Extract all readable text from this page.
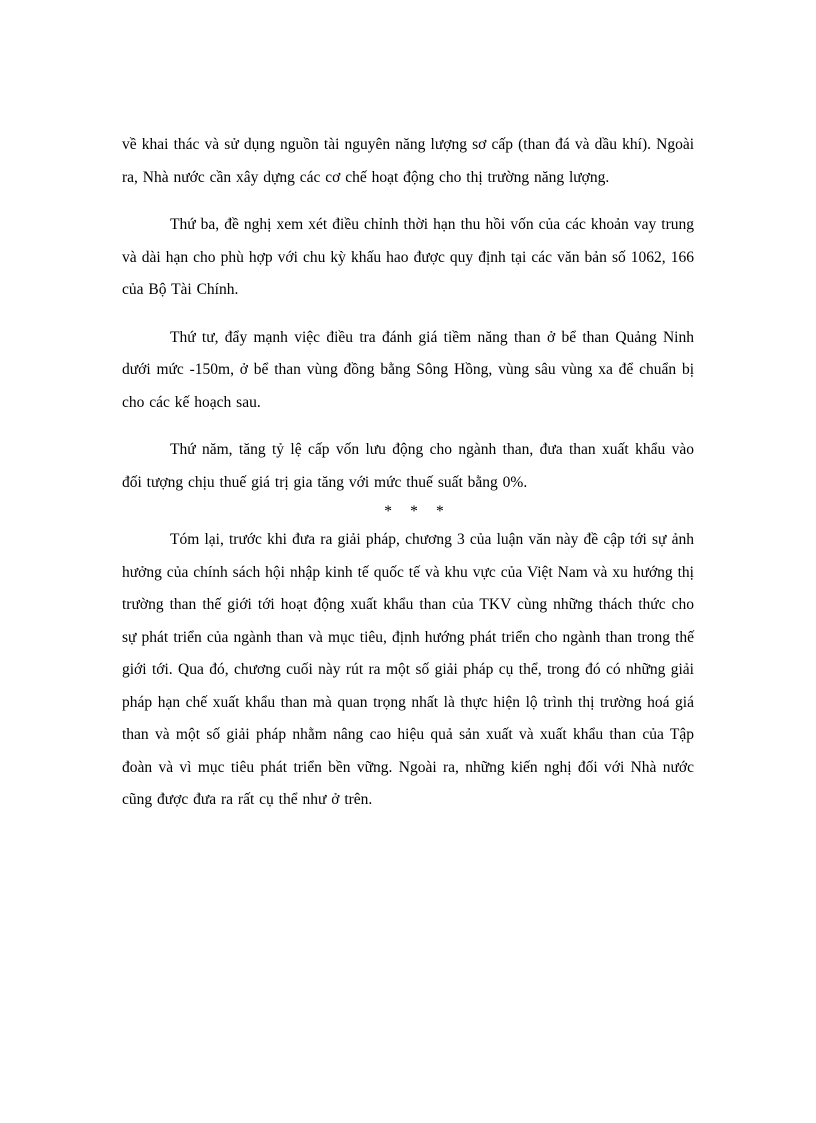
về khai thác và sử dụng nguồn tài nguyên năng lượng sơ cấp (than đá và dầu khí). Ngoài ra, Nhà nước cần xây dựng các cơ chế hoạt động cho thị trường năng lượng.

Thứ ba, đề nghị xem xét điều chỉnh thời hạn thu hồi vốn của các khoản vay trung và dài hạn cho phù hợp với chu kỳ khấu hao được quy định tại các văn bản số 1062, 166 của Bộ Tài Chính.

Thứ tư, đẩy mạnh việc điều tra đánh giá tiềm năng than ở bể than Quảng Ninh dưới mức -150m, ở bể than vùng đồng bằng Sông Hồng, vùng sâu vùng xa để chuẩn bị cho các kế hoạch sau.

Thứ năm, tăng tỷ lệ cấp vốn lưu động cho ngành than, đưa than xuất khẩu vào đối tượng chịu thuế giá trị gia tăng với mức thuế suất bằng 0%.

* * *

Tóm lại, trước khi đưa ra giải pháp, chương 3 của luận văn này đề cập tới sự ảnh hưởng của chính sách hội nhập kinh tế quốc tế và khu vực của Việt Nam và xu hướng thị trường than thế giới tới hoạt động xuất khẩu than của TKV cùng những thách thức cho sự phát triển của ngành than và mục tiêu, định hướng phát triển cho ngành than trong thế giới tới. Qua đó, chương cuối này rút ra một số giải pháp cụ thể, trong đó có những giải pháp hạn chế xuất khẩu than mà quan trọng nhất là thực hiện lộ trình thị trường hoá giá than và một số giải pháp nhằm nâng cao hiệu quả sản xuất và xuất khẩu than của Tập đoàn và vì mục tiêu phát triển bền vững. Ngoài ra, những kiến nghị đối với Nhà nước cũng được đưa ra rất cụ thể như ở trên.
